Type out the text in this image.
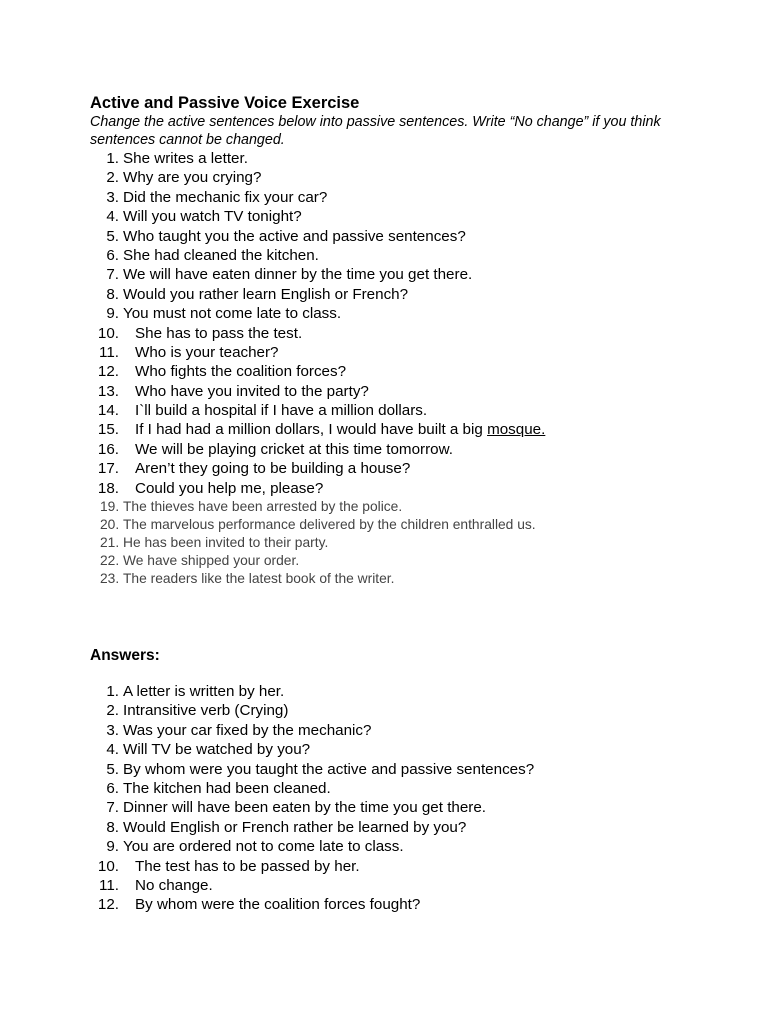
Active and Passive Voice Exercise
Change the active sentences below into passive sentences. Write “No change” if you think sentences cannot be changed.
1. She writes a letter.
2. Why are you crying?
3. Did the mechanic fix your car?
4. Will you watch TV tonight?
5. Who taught you the active and passive sentences?
6. She had cleaned the kitchen.
7. We will have eaten dinner by the time you get there.
8. Would you rather learn English or French?
9. You must not come late to class.
10. She has to pass the test.
11. Who is your teacher?
12. Who fights the coalition forces?
13. Who have you invited to the party?
14. I`ll build a hospital if I have a million dollars.
15. If I had had a million dollars, I would have built a big mosque.
16. We will be playing cricket at this time tomorrow.
17. Aren’t they going to be building a house?
18. Could you help me, please?
19. The thieves have been arrested by the police.
20. The marvelous performance delivered by the children enthralled us.
21. He has been invited to their party.
22. We have shipped your order.
23. The readers like the latest book of the writer.
Answers:
1. A letter is written by her.
2. Intransitive verb (Crying)
3. Was your car fixed by the mechanic?
4. Will TV be watched by you?
5. By whom were you taught the active and passive sentences?
6. The kitchen had been cleaned.
7. Dinner will have been eaten by the time you get there.
8. Would English or French rather be learned by you?
9. You are ordered not to come late to class.
10. The test has to be passed by her.
11. No change.
12. By whom were the coalition forces fought?
